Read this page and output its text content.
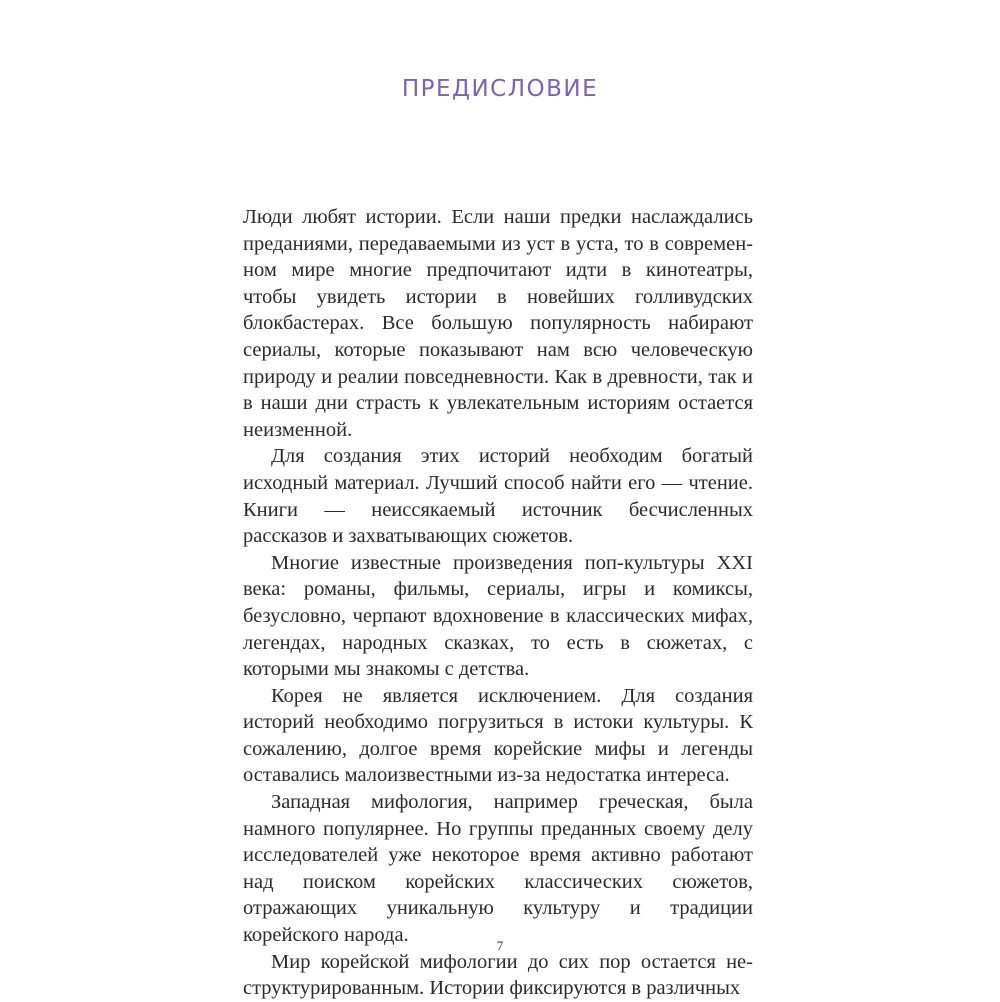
ПРЕДИСЛОВИЕ

Люди любят истории. Если наши предки наслаждались преданиями, передаваемыми из уст в уста, то в современном мире многие предпочитают идти в кинотеатры, чтобы увидеть истории в новейших голливудских блокбастерах. Все большую популярность набирают сериалы, которые показывают нам всю человеческую природу и реалии повседневности. Как в древности, так и в наши дни страсть к увлекательным историям остается неизменной.

Для создания этих историй необходим богатый исходный материал. Лучший способ найти его — чтение. Книги — неиссякаемый источник бесчисленных рассказов и захватывающих сюжетов.

Многие известные произведения поп-культуры XXI века: романы, фильмы, сериалы, игры и комиксы, безусловно, черпают вдохновение в классических мифах, легендах, народных сказках, то есть в сюжетах, с которыми мы знакомы с детства.

Корея не является исключением. Для создания историй необходимо погрузиться в истоки культуры. К сожалению, долгое время корейские мифы и легенды оставались малоизвестными из-за недостатка интереса.

Западная мифология, например греческая, была намного популярнее. Но группы преданных своему делу исследователей уже некоторое время активно работают над поиском корейских классических сюжетов, отражающих уникальную культуру и традиции корейского народа.

Мир корейской мифологии до сих пор остается неструктурированным. Истории фиксируются в различных

7
